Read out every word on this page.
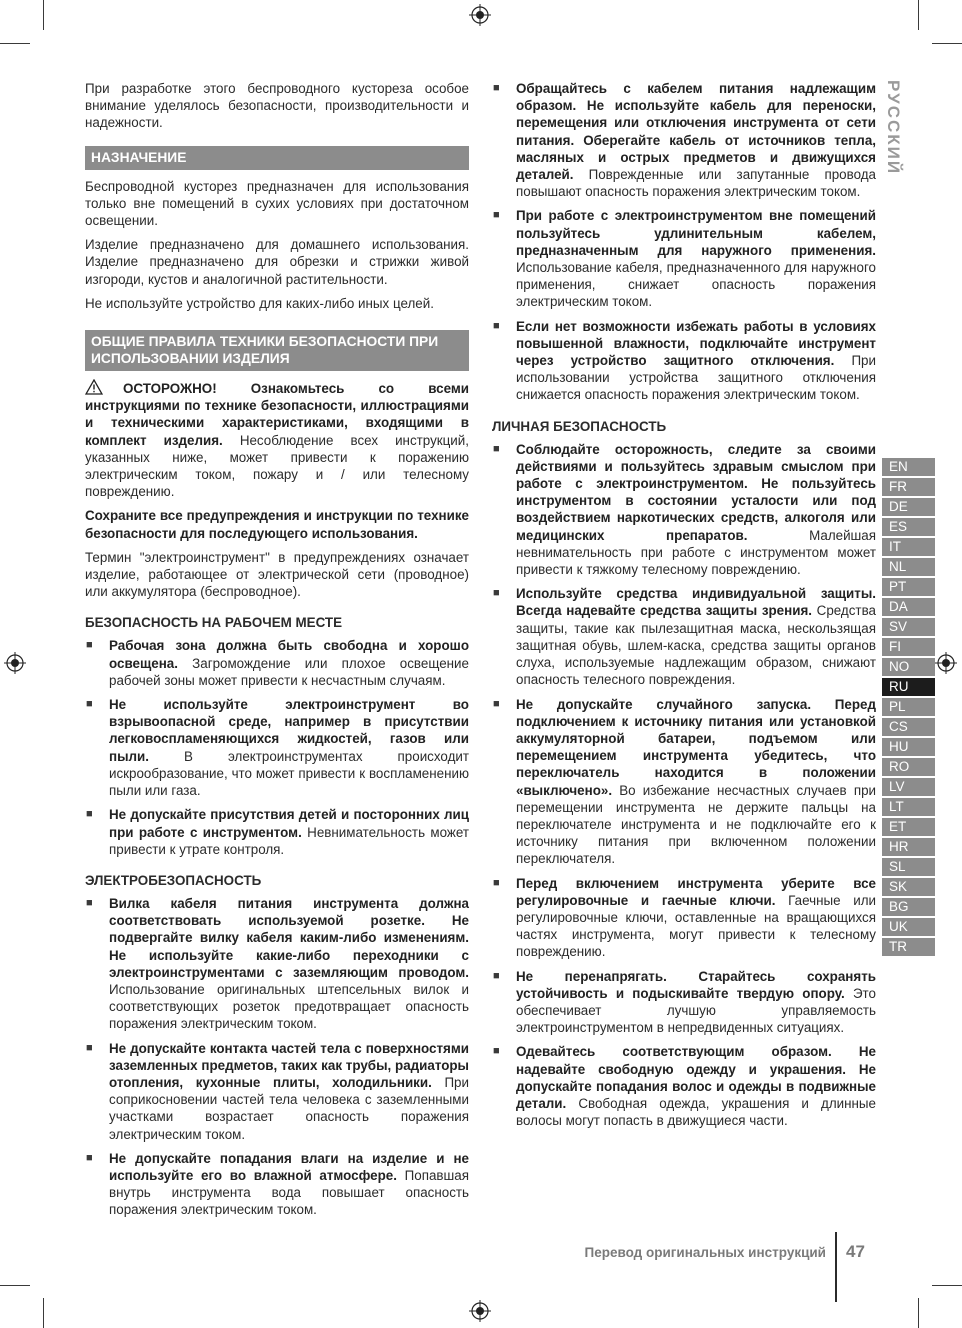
При разработке этого беспроводного кустореза особое внимание уделялось безопасности, производительности и надежности.

НАЗНАЧЕНИЕ

Беспроводной кусторез предназначен для использования только вне помещений в сухих условиях при достаточном освещении.

Изделие предназначено для домашнего использования. Изделие предназначено для обрезки и стрижки живой изгороди, кустов и аналогичной растительности.

Не используйте устройство для каких-либо иных целей.

ОБЩИЕ ПРАВИЛА ТЕХНИКИ БЕЗОПАСНОСТИ ПРИ ИСПОЛЬЗОВАНИИ ИЗДЕЛИЯ

ОСТОРОЖНО! Ознакомьтесь со всеми инструкциями по технике безопасности, иллюстрациями и техническими характеристиками, входящими в комплект изделия. Несоблюдение всех инструкций, указанных ниже, может привести к поражению электрическим током, пожару и / или телесному повреждению.

Сохраните все предупреждения и инструкции по технике безопасности для последующего использования.

Термин "электроинструмент" в предупреждениях означает изделие, работающее от электрической сети (проводное) или аккумулятора (беспроводное).

БЕЗОПАСНОСТЬ НА РАБОЧЕМ МЕСТЕ
■ Рабочая зона должна быть свободна и хорошо освещена. Загромождение или плохое освещение рабочей зоны может привести к несчастным случаям.
■ Не используйте электроинструмент во взрывоопасной среде, например в присутствии легковоспламеняющихся жидкостей, газов или пыли.	В электроинструментах происходит искрообразование, что может привести к воспламенению пыли или газа.
■ Не допускайте присутствия детей и посторонних лиц при работе с инструментом. Невнимательность может привести к утрате контроля.
ЭЛЕКТРОБЕЗОПАСНОСТЬ
■ Вилка кабеля питания инструмента должна соответствовать используемой розетке. Не подвергайте вилку кабеля каким-либо изменениям. Не используйте какие-либо переходники с электроинструментами с заземляющим проводом. Использование оригинальных штепсельных вилок и соответствующих розеток предотвращает опасность поражения электрическим током.
■ Не допускайте контакта частей тела с поверхностями заземленных предметов, таких как трубы, радиаторы отопления, кухонные плиты, холодильники. При соприкосновении частей тела человека с заземленными участками возрастает опасность поражения электрическим током.
■ Не допускайте попадания влаги на изделие и не используйте его во влажной атмосфере. Попавшая внутрь инструмента вода повышает опасность поражения электрическим током.
■ Обращайтесь с кабелем питания надлежащим образом. Не используйте кабель для переноски, перемещения или отключения инструмента от сети питания. Оберегайте кабель от источников тепла, масляных и острых предметов и движущихся деталей. Поврежденные или запутанные провода повышают опасность поражения электрическим током.
■ При работе с электроинструментом вне помещений пользуйтесь удлинительным кабелем, предназначенным для наружного применения. Использование кабеля, предназначенного для наружного применения, снижает опасность поражения электрическим током.
■ Если нет возможности избежать работы в условиях повышенной влажности, подключайте инструмент через устройство защитного отключения. При использовании устройства защитного отключения снижается опасность поражения электрическим током.
ЛИЧНАЯ БЕЗОПАСНОСТЬ
■ Соблюдайте осторожность, следите за своими действиями и пользуйтесь здравым смыслом при работе с электроинструментом. Не пользуйтесь инструментом в состоянии усталости или под воздействием наркотических средств, алкоголя или медицинских препаратов.	Малейшая невнимательность при работе с инструментом может привести к тяжкому телесному повреждению.
■ Используйте средства индивидуальной защиты. Всегда надевайте средства защиты зрения. Средства защиты, такие как пылезащитная маска, нескользящая защитная обувь, шлем-каска, средства защиты органов слуха, используемые надлежащим образом, снижают опасность телесного повреждения.
■ Не допускайте случайного запуска. Перед подключением к источнику питания или установкой аккумуляторной батареи, подъемом или перемещением инструмента убедитесь, что переключатель находится в положении «выключено». Во избежание несчастных случаев при перемещении инструмента не держите пальцы на переключателе инструмента и не подключайте его к источнику питания при включенном положении переключателя.
■ Перед включением инструмента уберите все регулировочные и гаечные ключи. Гаечные или регулировочные ключи, оставленные на вращающихся частях инструмента, могут привести к телесному повреждению.
■ Не перенапрягать. Старайтесь сохранять устойчивость и подыскивайте твердую опору. Это обеспечивает лучшую управляемость электроинструментом в непредвиденных ситуациях.
■ Одевайтесь соответствующим образом. Не надевайте свободную одежду и украшения. Не допускайте попадания волос и одежды в подвижные детали. Свободная одежда, украшения и длинные волосы могут попасть в движущиеся части.
РУССКИЙ
EN
FR
DE
ES
IT
NL
PT
DA
SV
FI
NO
RU
PL
CS
HU
RO
LV
LT
ET
HR
SL
SK
BG
UK
TR
Перевод оригинальных инструкций 47
